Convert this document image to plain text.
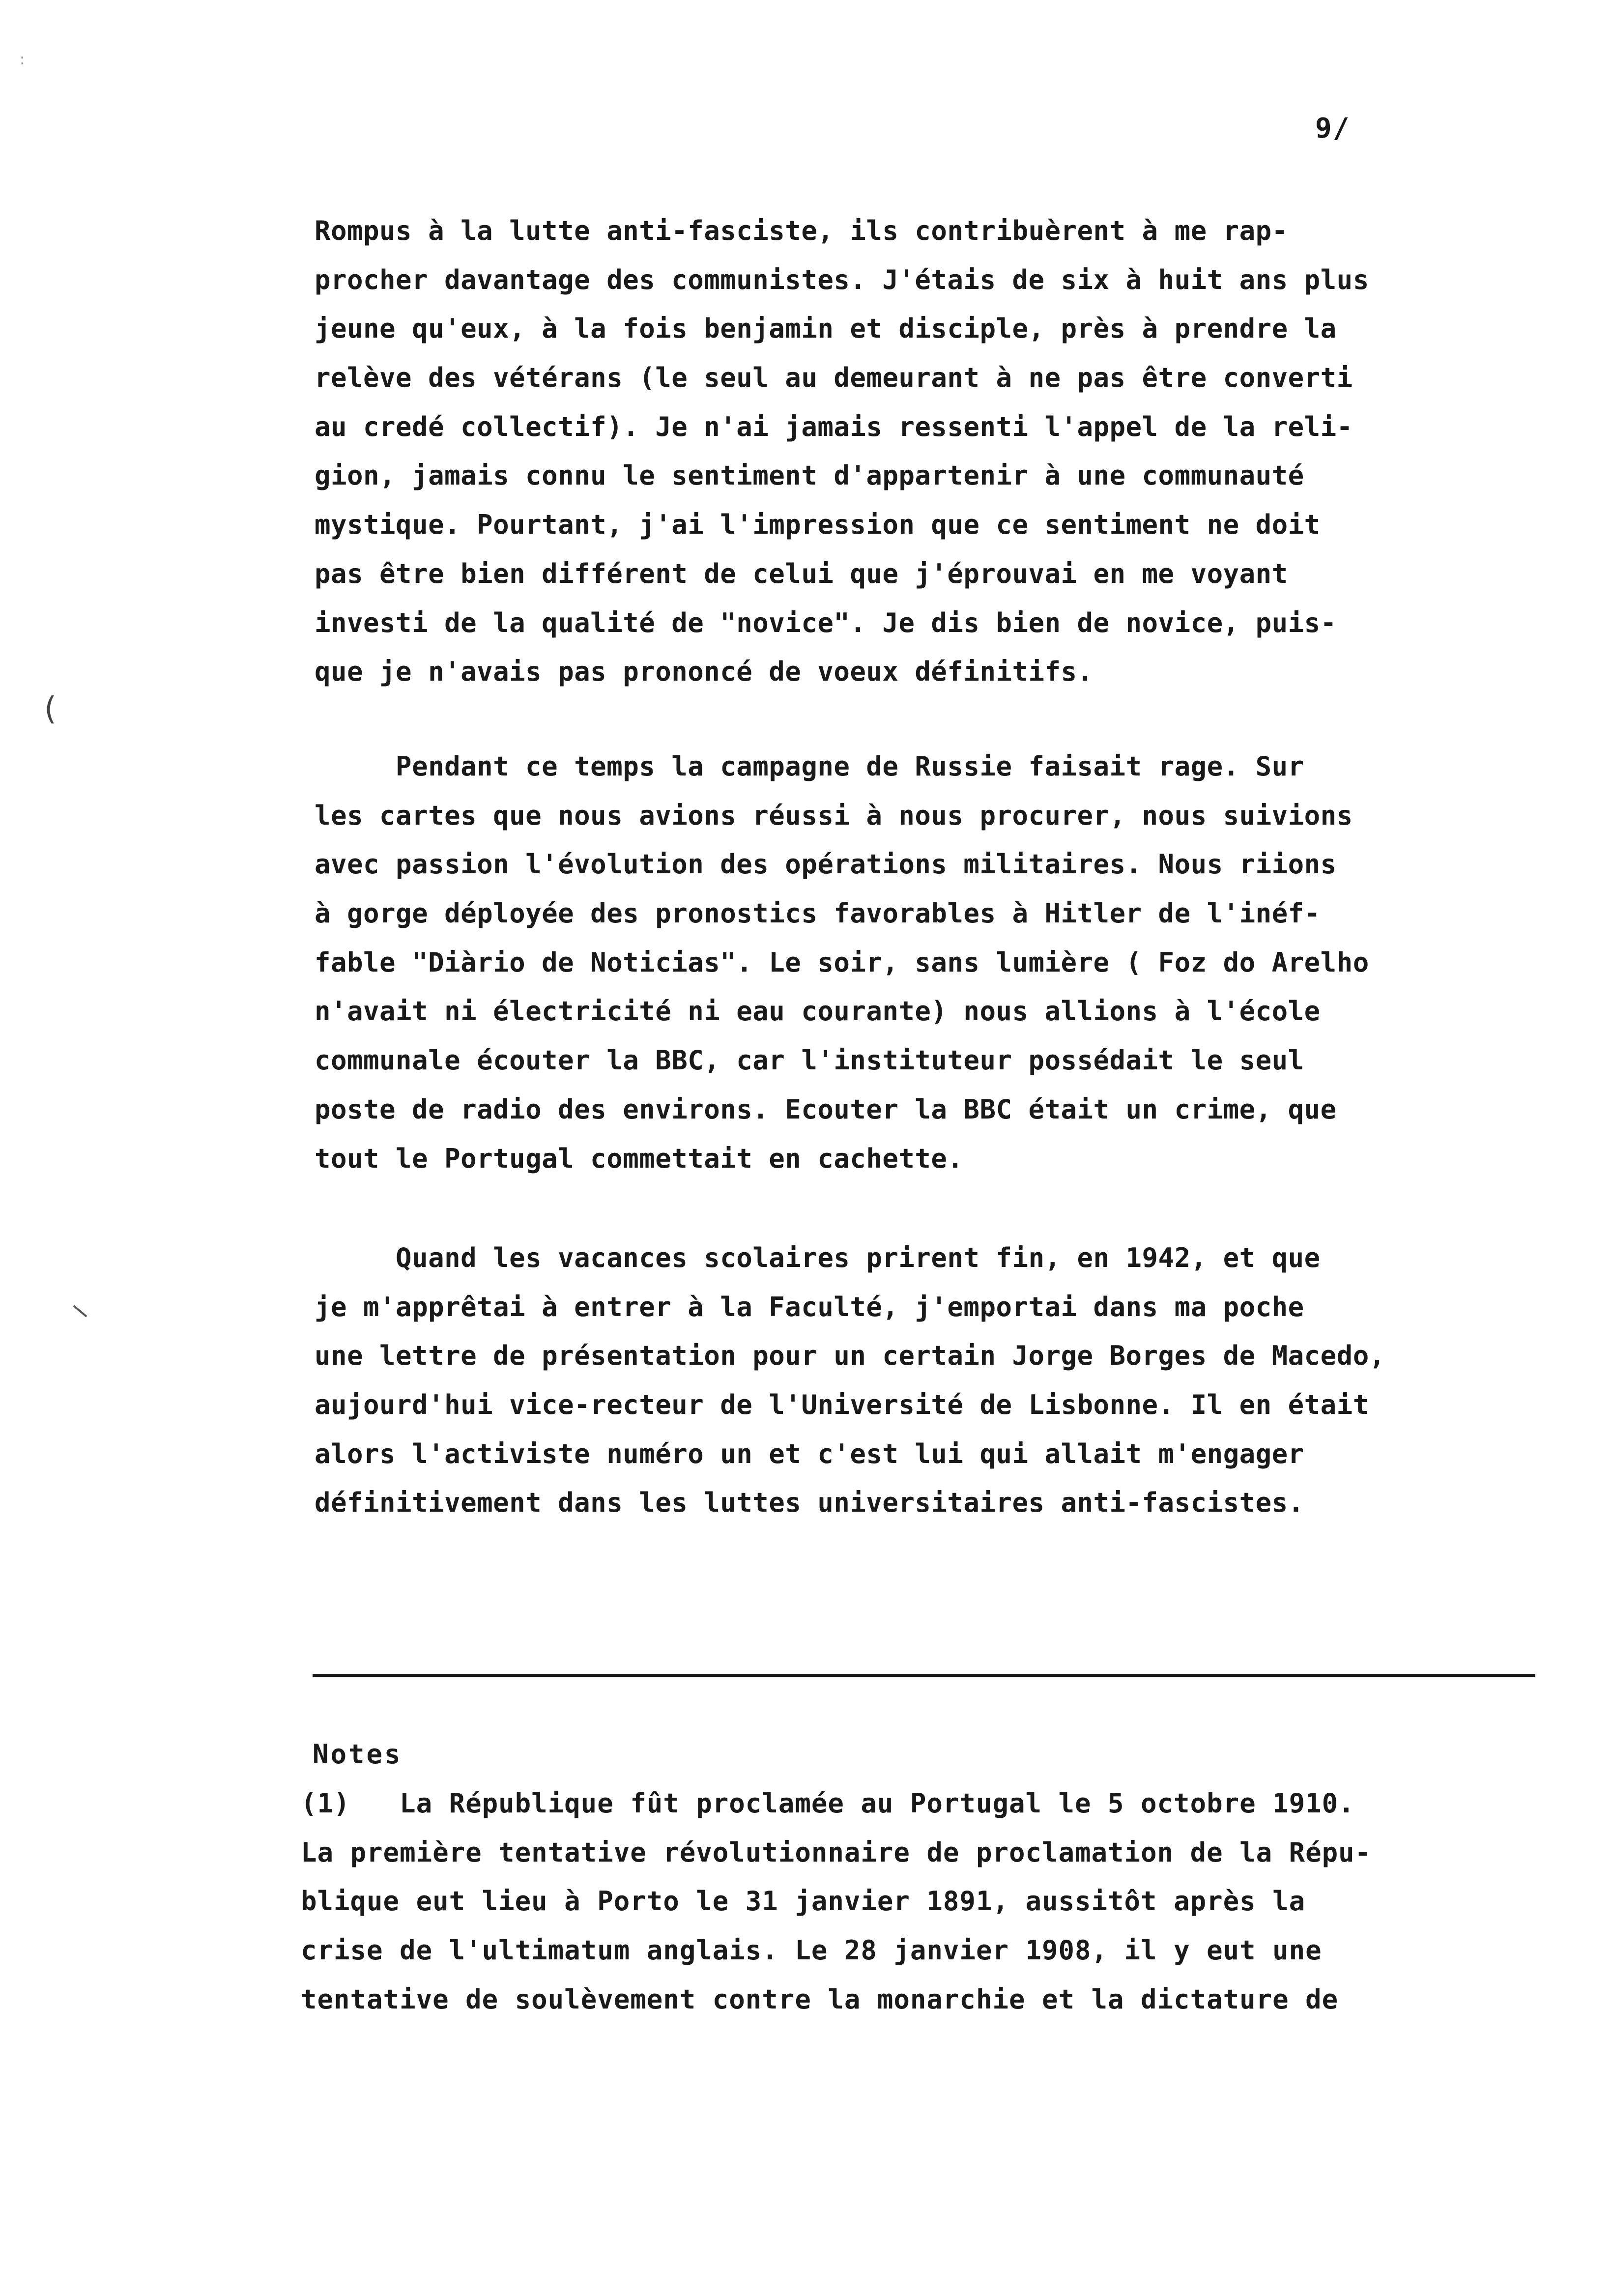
:
(
9/
Rompus à la lutte anti-fasciste, ils contribuèrent à me rap-
procher davantage des communistes. J'étais de six à huit ans plus
jeune qu'eux, à la fois benjamin et disciple, près à prendre la
relève des vétérans (le seul au demeurant à ne pas être converti
au credé collectif). Je n'ai jamais ressenti l'appel de la reli-
gion, jamais connu le sentiment d'appartenir à une communauté
mystique. Pourtant, j'ai l'impression que ce sentiment ne doit
pas être bien différent de celui que j'éprouvai en me voyant
investi de la qualité de "novice". Je dis bien de novice, puis-
que je n'avais pas prononcé de voeux définitifs.
Pendant ce temps la campagne de Russie faisait rage. Sur
les cartes que nous avions réussi à nous procurer, nous suivions
avec passion l'évolution des opérations militaires. Nous riions
à gorge déployée des pronostics favorables à Hitler de l'inéf-
fable "Diàrio de Noticias". Le soir, sans lumière ( Foz do Arelho
n'avait ni électricité ni eau courante) nous allions à l'école
communale écouter la BBC, car l'instituteur possédait le seul
poste de radio des environs. Ecouter la BBC était un crime, que
tout le Portugal commettait en cachette.
Quand les vacances scolaires prirent fin, en 1942, et que
je m'apprêtai à entrer à la Faculté, j'emportai dans ma poche
une lettre de présentation pour un certain Jorge Borges de Macedo,
aujourd'hui vice-recteur de l'Université de Lisbonne. Il en était
alors l'activiste numéro un et c'est lui qui allait m'engager
définitivement dans les luttes universitaires anti-fascistes.
Notes
(1)   La République fût proclamée au Portugal le 5 octobre 1910.
La première tentative révolutionnaire de proclamation de la Répu-
blique eut lieu à Porto le 31 janvier 1891, aussitôt après la
crise de l'ultimatum anglais. Le 28 janvier 1908, il y eut une
tentative de soulèvement contre la monarchie et la dictature de
